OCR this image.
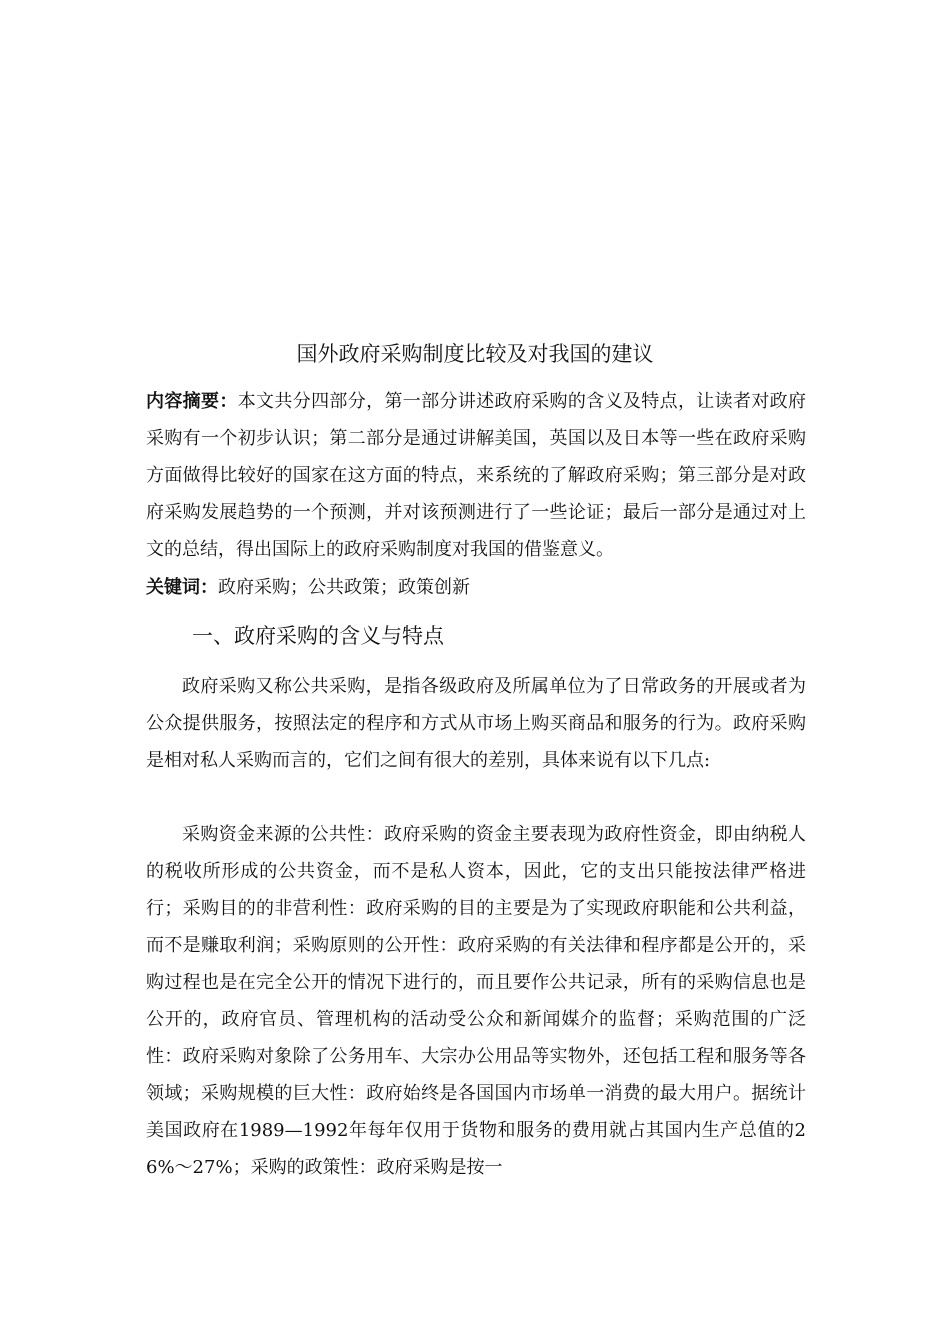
国外政府采购制度比较及对我国的建议

内容摘要：本文共分四部分，第一部分讲述政府采购的含义及特点，让读者对政府采购有一个初步认识；第二部分是通过讲解美国，英国以及日本等一些在政府采购方面做得比较好的国家在这方面的特点，来系统的了解政府采购；第三部分是对政府采购发展趋势的一个预测，并对该预测进行了一些论证；最后一部分是通过对上文的总结，得出国际上的政府采购制度对我国的借鉴意义。

关键词：政府采购；公共政策；政策创新

一、政府采购的含义与特点

政府采购又称公共采购，是指各级政府及所属单位为了日常政务的开展或者为公众提供服务，按照法定的程序和方式从市场上购买商品和服务的行为。政府采购是相对私人采购而言的，它们之间有很大的差别，具体来说有以下几点:

采购资金来源的公共性：政府采购的资金主要表现为政府性资金，即由纳税人的税收所形成的公共资金，而不是私人资本，因此，它的支出只能按法律严格进行；采购目的的非营利性：政府采购的目的主要是为了实现政府职能和公共利益，而不是赚取利润；采购原则的公开性：政府采购的有关法律和程序都是公开的，采购过程也是在完全公开的情况下进行的，而且要作公共记录，所有的采购信息也是公开的，政府官员、管理机构的活动受公众和新闻媒介的监督；采购范围的广泛性：政府采购对象除了公务用车、大宗办公用品等实物外，还包括工程和服务等各领域；采购规模的巨大性：政府始终是各国国内市场单一消费的最大用户。据统计美国政府在1989—1992年每年仅用于货物和服务的费用就占其国内生产总值的26%～27%；采购的政策性：政府采购是按一
